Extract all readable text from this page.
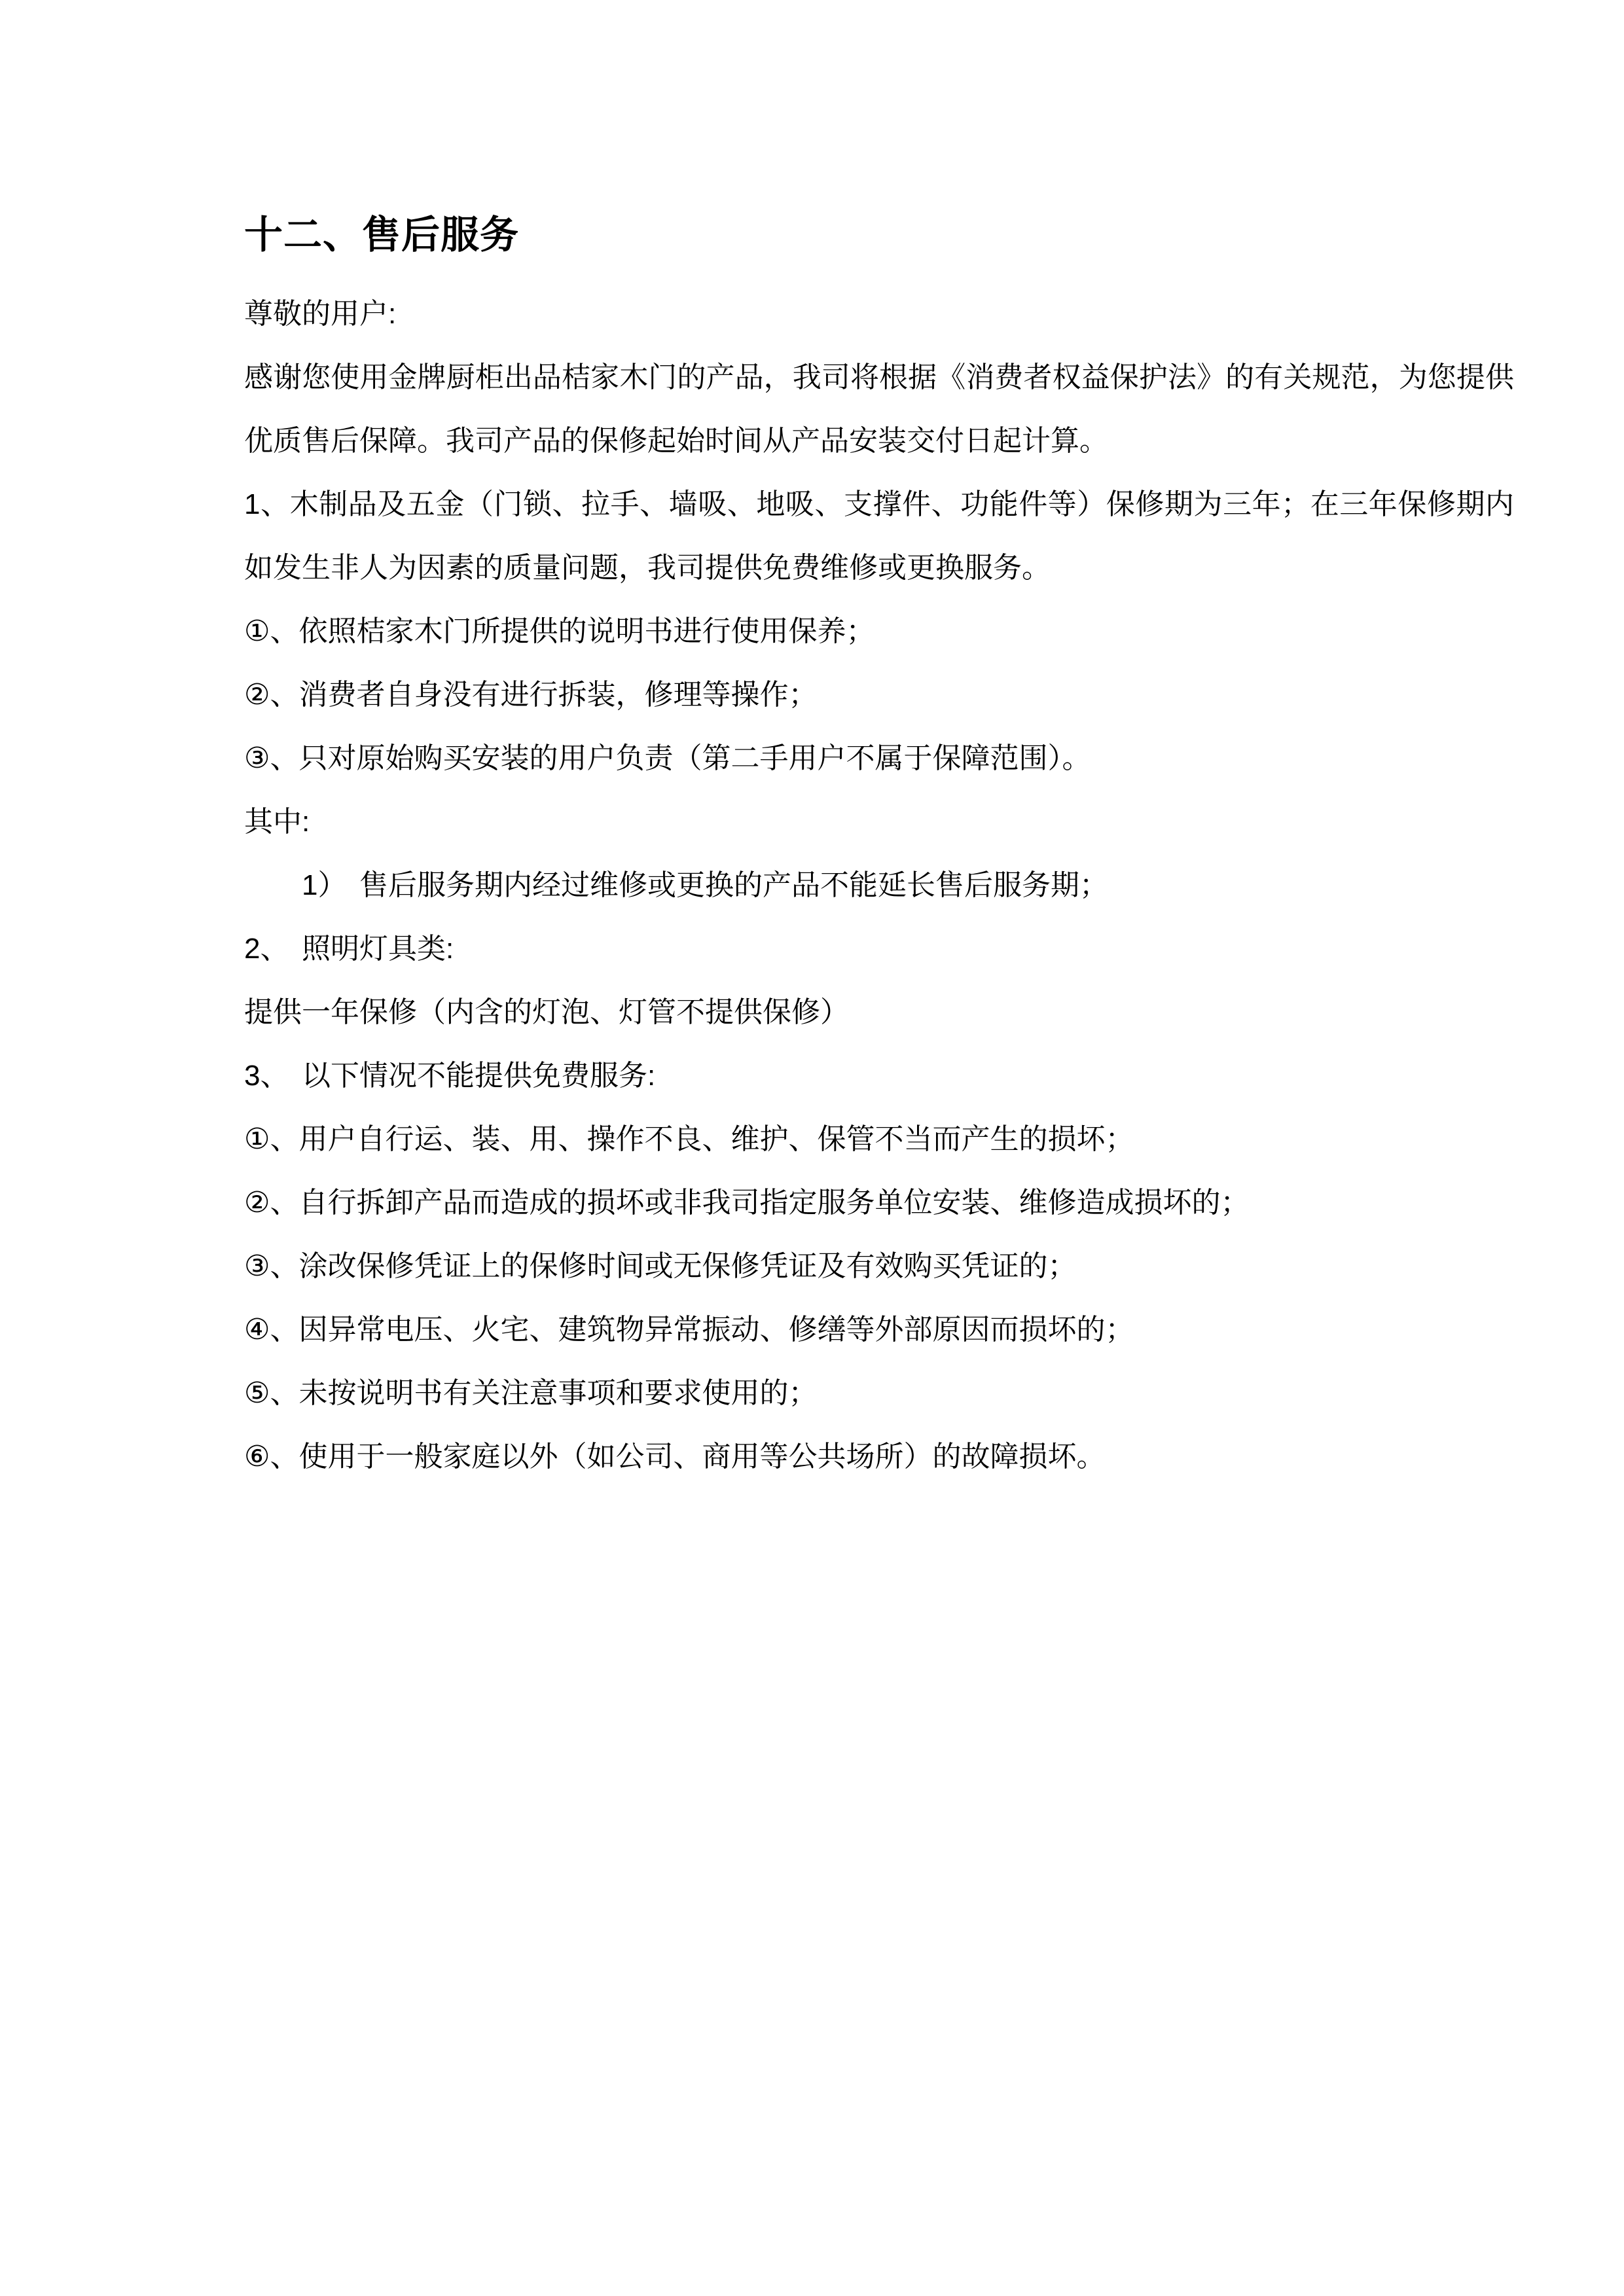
十二、售后服务

尊敬的用户:

感谢您使用金牌厨柜出品桔家木门的产品，我司将根据《消费者权益保护法》的有关规范，为您提供优质售后保障。我司产品的保修起始时间从产品安装交付日起计算。

1、木制品及五金（门锁、拉手、墙吸、地吸、支撑件、功能件等）保修期为三年；在三年保修期内如发生非人为因素的质量问题，我司提供免费维修或更换服务。

①、依照桔家木门所提供的说明书进行使用保养；

②、消费者自身没有进行拆装，修理等操作；

③、只对原始购买安装的用户负责（第二手用户不属于保障范围）。

其中:

1） 售后服务期内经过维修或更换的产品不能延长售后服务期；

2、 照明灯具类:

提供一年保修（内含的灯泡、灯管不提供保修）

3、 以下情况不能提供免费服务:

①、用户自行运、装、用、操作不良、维护、保管不当而产生的损坏；

②、自行拆卸产品而造成的损坏或非我司指定服务单位安装、维修造成损坏的；

③、涂改保修凭证上的保修时间或无保修凭证及有效购买凭证的；

④、因异常电压、火宅、建筑物异常振动、修缮等外部原因而损坏的；

⑤、未按说明书有关注意事项和要求使用的；

⑥、使用于一般家庭以外（如公司、商用等公共场所）的故障损坏。
